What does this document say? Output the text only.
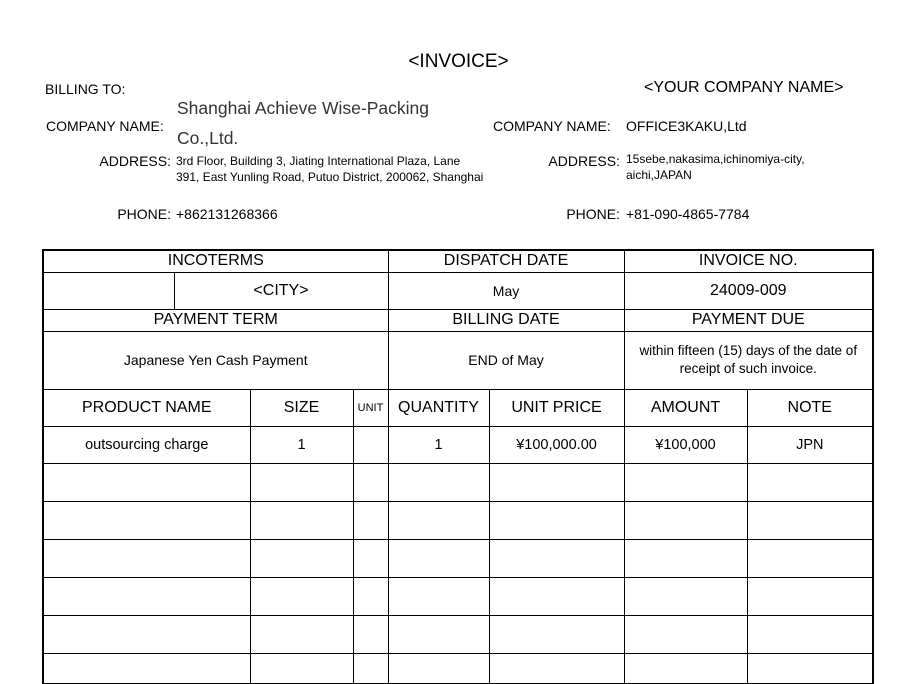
<INVOICE>
BILLING TO:	<YOUR COMPANY NAME>
COMPANY NAME:
Shanghai Achieve Wise-Packing Co.,Ltd.
ADDRESS: 3rd Floor, Building 3, Jiating International Plaza, Lane 391, East Yunling Road, Putuo District, 200062, Shanghai
PHONE: +862131268366
COMPANY NAME: OFFICE3KAKU,Ltd
ADDRESS: 15sebe,nakasima,ichinomiya-city, aichi,JAPAN
PHONE: +81-090-4865-7784
INCOTERMS				DISPATCH DATE		INVOICE NO.	
	<CITY>			May		24009-009	
PAYMENT TERM				BILLING DATE		PAYMENT DUE	
Japanese Yen Cash Payment				END of May		within fifteen (15) days of the date of receipt of such invoice.	
PRODUCT NAME		SIZE	UNIT	QUANTITY	UNIT PRICE	AMOUNT	NOTE
outsourcing charge		1		1	¥100,000.00	¥100,000	JPN
